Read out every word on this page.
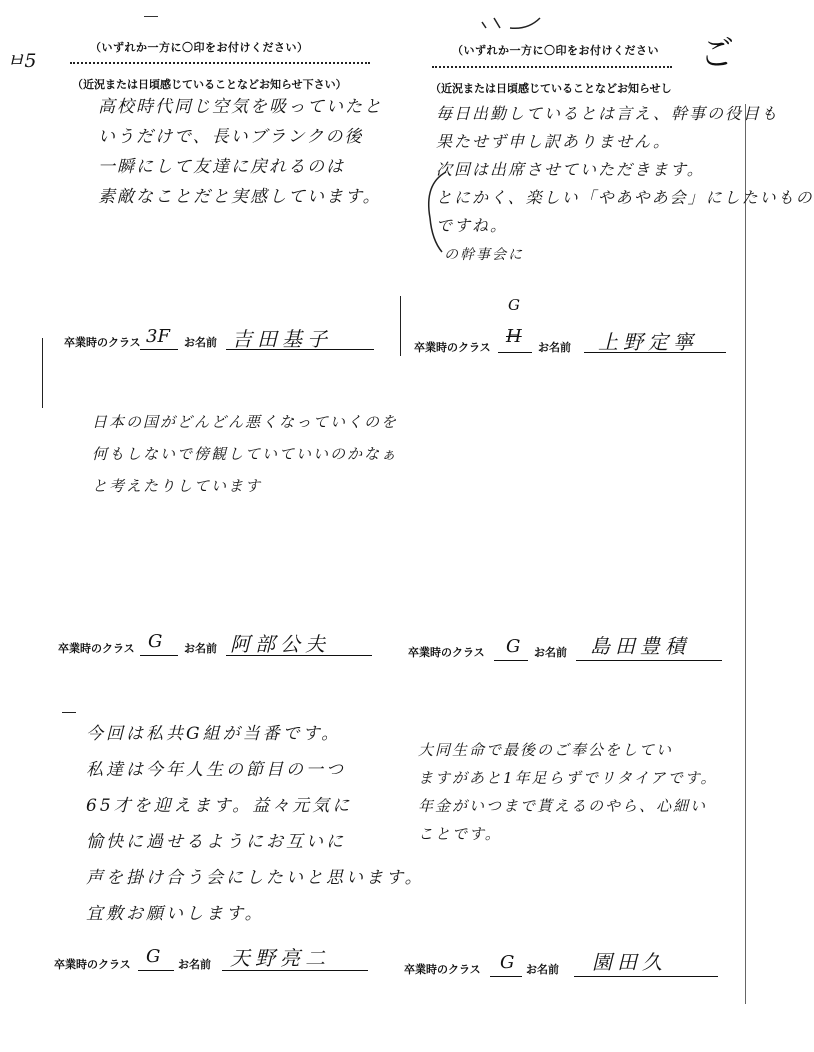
ㅂ5	ご
（いずれか一方に〇印をお付けください）
（近況または日頃感じていることなどお知らせ下さい）
高校時代同じ空気を吸っていたと
いうだけで、長いブランクの後
一瞬にして友達に戻れるのは
素敵なことだと実感しています。
卒業時のクラス 3F お名前 吉田基子
（いずれか一方に〇印をお付けください
（近況または日頃感じていることなどお知らせし
毎日出勤しているとは言え、幹事の役目も
果たせず申し訳ありません。
次回は出席させていただきます。
とにかく、楽しい「やあやあ会」にしたいもの
ですね。
の幹事会に
卒業時のクラス
G
H
お名前 上野定寧
日本の国がどんどん悪くなっていくのを
何もしないで傍観していていいのかなぁ
と考えたりしています
卒業時のクラス G お名前 阿部公夫	卒業時のクラス G お名前 島田豊積
今回は私共G組が当番です。
私達は今年人生の節目の一つ
65才を迎えます。益々元気に
愉快に過せるようにお互いに
声を掛け合う会にしたいと思います。
宜敷お願いします。
卒業時のクラス G お名前 天野亮二
大同生命で最後のご奉公をしてい
ますがあと1年足らずでリタイアです。
年金がいつまで貰えるのやら、心細い
ことです。
卒業時のクラス G お名前 園田久
